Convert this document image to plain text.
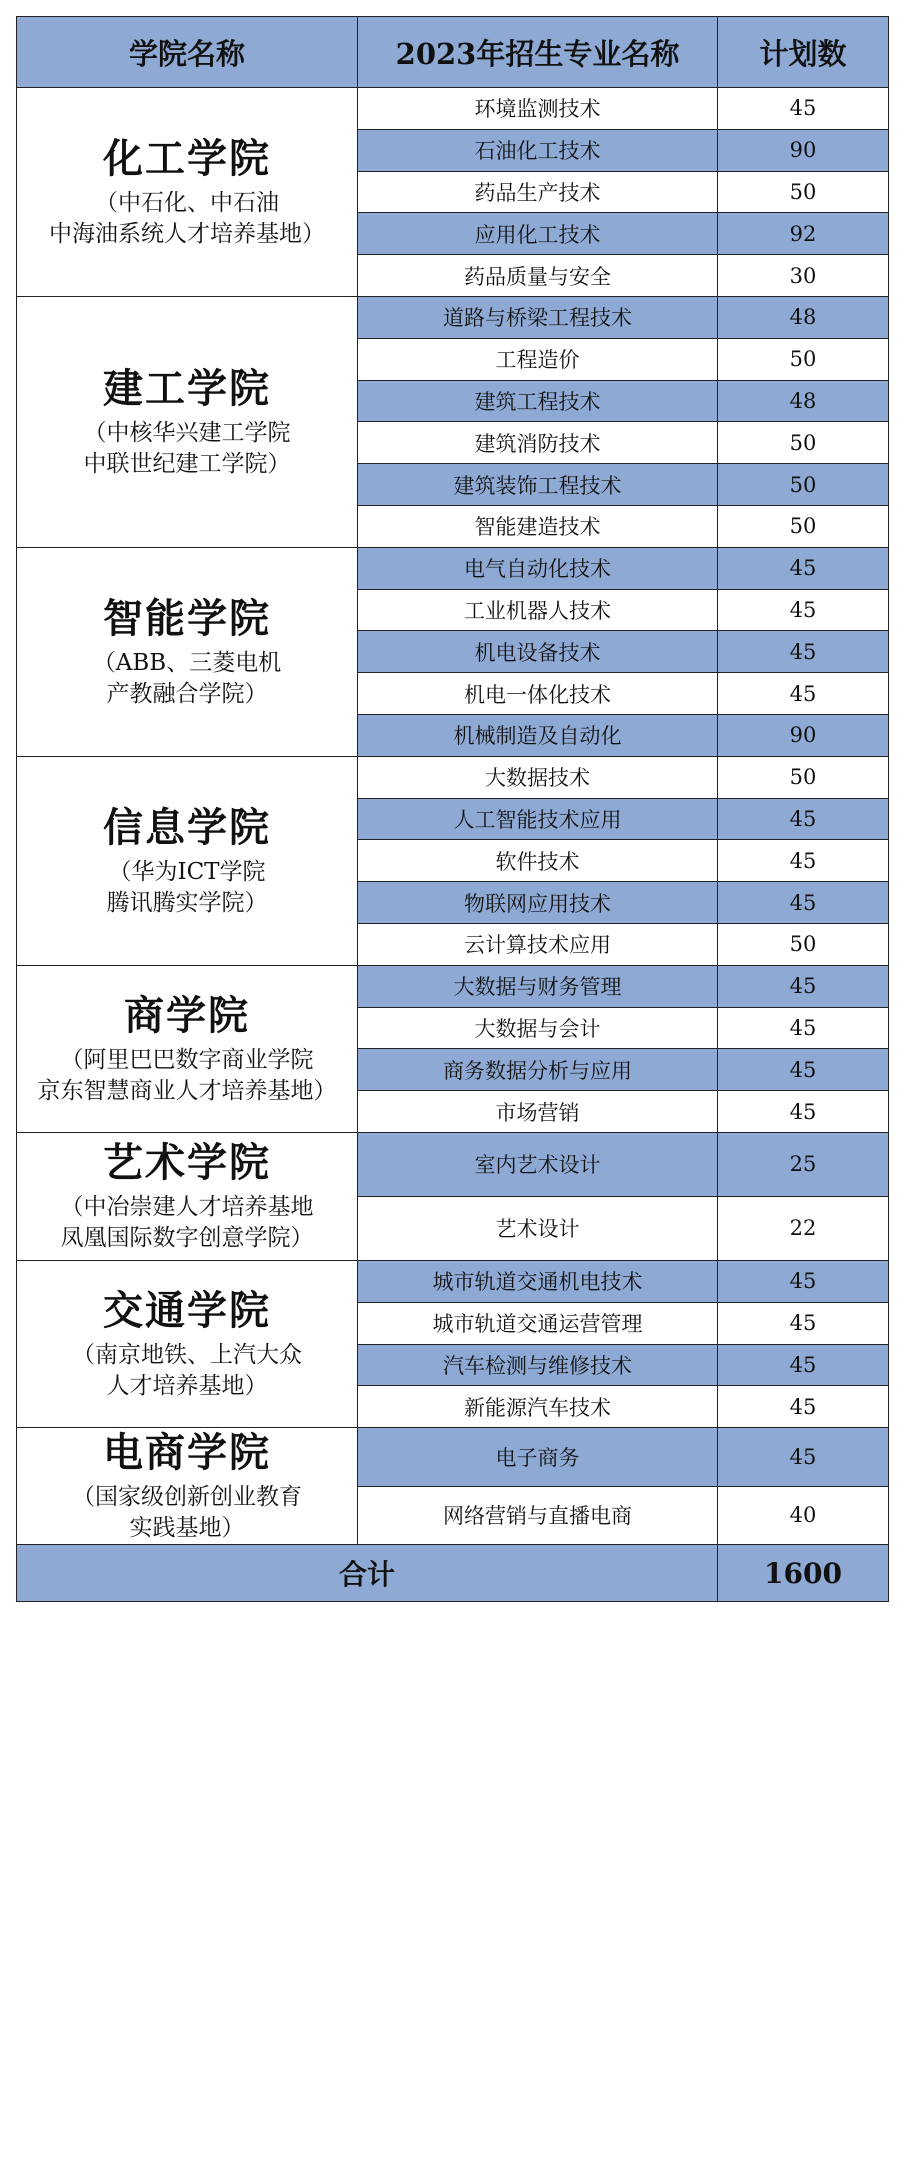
学院名称	2023年招生专业名称	计划数

化工学院
（中石化、中石油
中海油系统人才培养基地）	环境监测技术	45
	石油化工技术	90
	药品生产技术	50
	应用化工技术	92
	药品质量与安全	30

建工学院
（中核华兴建工学院
中联世纪建工学院）	道路与桥梁工程技术	48
	工程造价	50
	建筑工程技术	48
	建筑消防技术	50
	建筑装饰工程技术	50
	智能建造技术	50

智能学院
（ABB、三菱电机
产教融合学院）	电气自动化技术	45
	工业机器人技术	45
	机电设备技术	45
	机电一体化技术	45
	机械制造及自动化	90

信息学院
（华为ICT学院
腾讯腾实学院）	大数据技术	50
	人工智能技术应用	45
	软件技术	45
	物联网应用技术	45
	云计算技术应用	50

商学院
（阿里巴巴数字商业学院
京东智慧商业人才培养基地）	大数据与财务管理	45
	大数据与会计	45
	商务数据分析与应用	45
	市场营销	45

艺术学院
（中冶崇建人才培养基地
凤凰国际数字创意学院）	室内艺术设计	25
	艺术设计	22

交通学院
（南京地铁、上汽大众
人才培养基地）	城市轨道交通机电技术	45
	城市轨道交通运营管理	45
	汽车检测与维修技术	45
	新能源汽车技术	45

电商学院
（国家级创新创业教育
实践基地）	电子商务	45
	网络营销与直播电商	40
合计		1600
